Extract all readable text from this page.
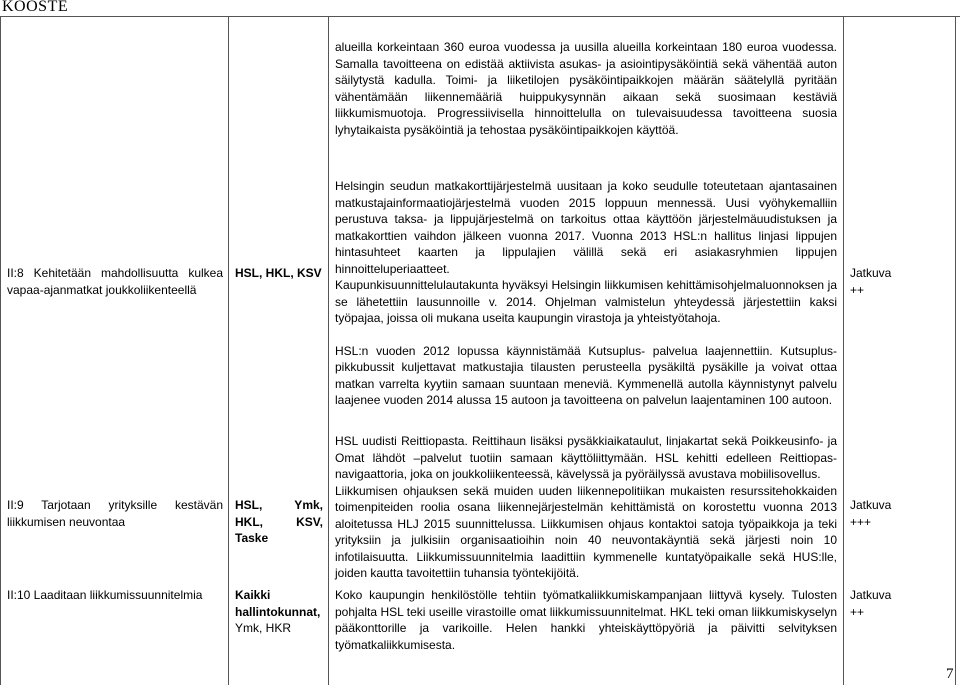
KOOSTE

alueilla korkeintaan 360 euroa vuodessa ja uusilla alueilla korkeintaan 180 euroa vuodessa. Samalla tavoitteena on edistää aktiivista asukas- ja asiointipysäköintiä sekä vähentää auton säilytystä kadulla. Toimi- ja liiketilojen pysäköintipaikkojen määrän säätelyllä pyritään vähentämään liikennemääriä huippukysynnän aikaan sekä suosimaan kestäviä liikkumismuotoja. Progressiivisella hinnoittelulla on tulevaisuudessa tavoitteena suosia lyhytaikaista pysäköintiä ja tehostaa pysäköintipaikkojen käyttöä.

II:8 Kehitetään mahdollisuutta kulkea vapaa-ajanmatkat joukkoliikenteellä

HSL, HKL, KSV

Helsingin seudun matkakorttijärjestelmä uusitaan ja koko seudulle toteutetaan ajantasainen matkustajainformaatiojärjestelmä vuoden 2015 loppuun mennessä. Uusi vyöhykemalliin perustuva taksa- ja lippujärjestelmä on tarkoitus ottaa käyttöön järjestelmäuudistuksen ja matkakorttien vaihdon jälkeen vuonna 2017. Vuonna 2013 HSL:n hallitus linjasi lippujen hintasuhteet kaarten ja lippulajien välillä sekä eri asiakasryhmien lippujen hinnoitteluperiaatteet.

Kaupunkisuunnittelulautakunta hyväksyi Helsingin liikkumisen kehittämisohjelmaluonnoksen ja se lähetettiin lausunnoille v. 2014. Ohjelman valmistelun yhteydessä järjestettiin kaksi työpajaa, joissa oli mukana useita kaupungin virastoja ja yhteistyötahoja.

HSL:n vuoden 2012 lopussa käynnistämää Kutsuplus- palvelua laajennettiin. Kutsuplus- pikkubussit kuljettavat matkustajia tilausten perusteella pysäkiltä pysäkille ja voivat ottaa matkan varrelta kyytiin samaan suuntaan meneviä. Kymmenellä autolla käynnistynyt palvelu laajenee vuoden 2014 alussa 15 autoon ja tavoitteena on palvelun laajentaminen 100 autoon.

Jatkuva

++

II:9 Tarjotaan yrityksille kestävän liikkumisen neuvontaa

HSL, Ymk, HKL, KSV, Taske

HSL uudisti Reittiopasta. Reittihaun lisäksi pysäkkiaikataulut, linjakartat sekä Poikkeusinfo- ja Omat lähdöt –palvelut tuotiin samaan käyttöliittymään. HSL kehitti edelleen Reittiopas-navigaattoria, joka on joukkoliikenteessä, kävelyssä ja pyöräilyssä avustava mobiilisovellus.

Liikkumisen ohjauksen sekä muiden uuden liikennepolitiikan mukaisten resurssitehokkaiden toimenpiteiden roolia osana liikennejärjestelmän kehittämistä on korostettu vuonna 2013 aloitetussa HLJ 2015 suunnittelussa. Liikkumisen ohjaus kontaktoi satoja työpaikkoja ja teki yrityksiin ja julkisiin organisaatioihin noin 40 neuvontakäyntiä sekä järjesti noin 10 infotilaisuutta. Liikkumissuunnitelmia laadittiin kymmenelle kuntatyöpaikalle sekä HUS:lle, joiden kautta tavoitettiin tuhansia työntekijöitä.

Jatkuva

+++

II:10 Laaditaan liikkumissuunnitelmia	Kaikki hallintokunnat,

Ymk, HKR

Koko kaupungin henkilöstölle tehtiin työmatkaliikkumiskampanjaan liittyvä kysely. Tulosten pohjalta HSL teki useille virastoille omat liikkumissuunnitelmat. HKL teki oman liikkumiskyselyn pääkonttorille ja varikoille. Helen hankki yhteiskäyttöpyöriä ja päivitti selvityksen työmatkaliikkumisesta.

Jatkuva

++

7
